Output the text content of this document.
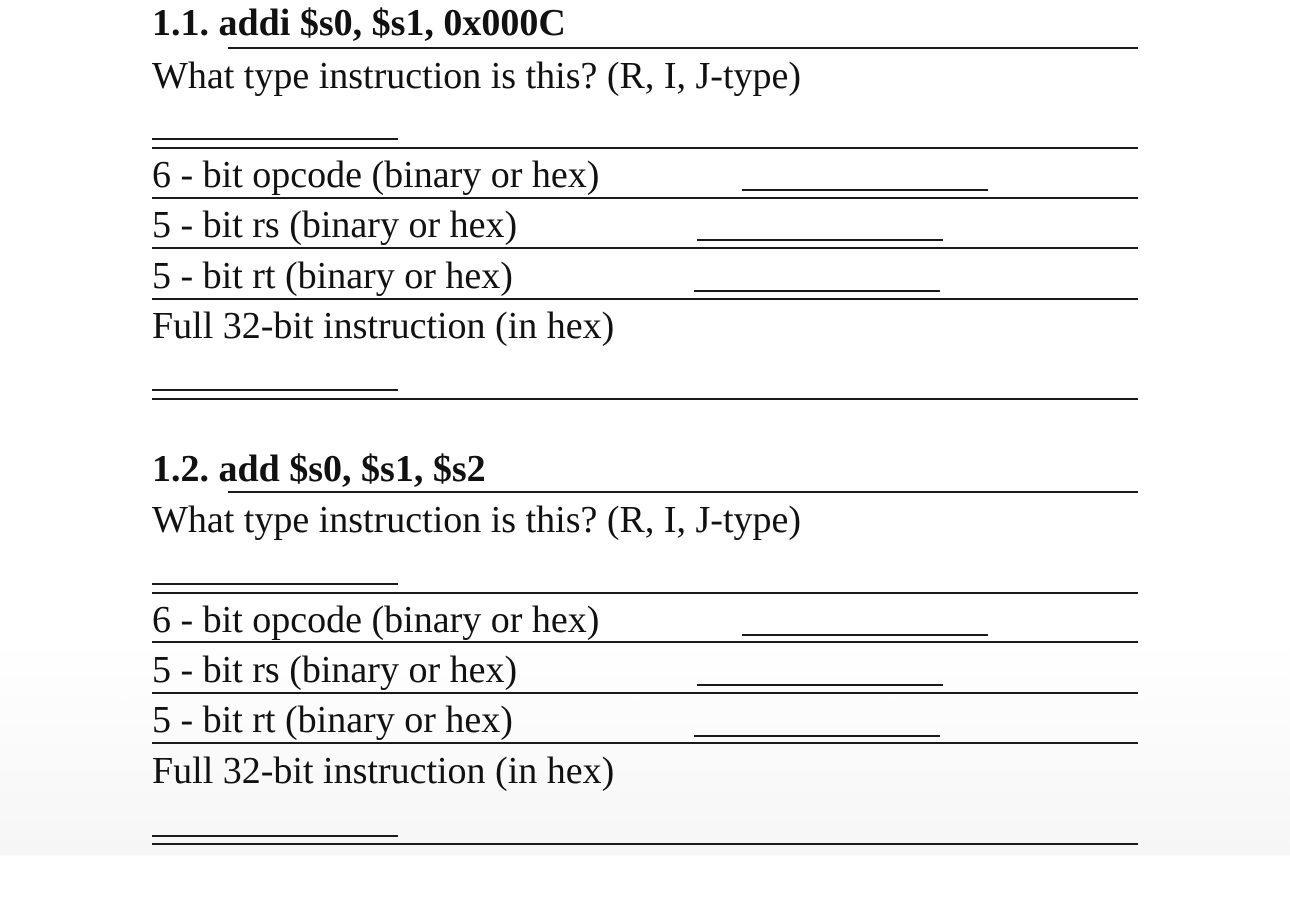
1.1. addi $s0, $s1, 0x000C
What type instruction is this? (R, I, J-type)
6 - bit opcode (binary or hex)
5 - bit rs (binary or hex)
5 - bit rt (binary or hex)
Full 32-bit instruction (in hex)
1.2. add $s0, $s1, $s2
What type instruction is this? (R, I, J-type)
6 - bit opcode (binary or hex)
5 - bit rs (binary or hex)
5 - bit rt (binary or hex)
Full 32-bit instruction (in hex)
